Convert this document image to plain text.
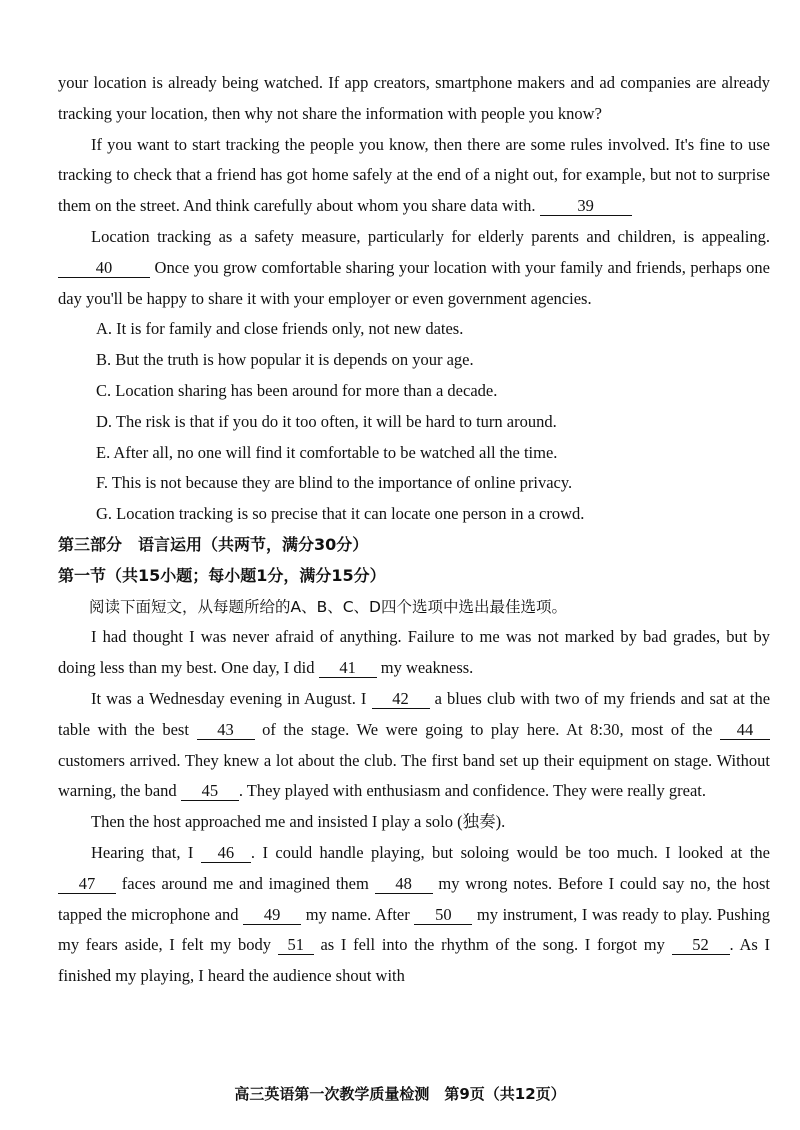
your location is already being watched. If app creators, smartphone makers and ad companies are already tracking your location, then why not share the information with people you know?

If you want to start tracking the people you know, then there are some rules involved. It's fine to use tracking to check that a friend has got home safely at the end of a night out, for example, but not to surprise them on the street. And think carefully about whom you share data with.	39

Location tracking as a safety measure, particularly for elderly parents and children, is appealing. 40	Once you grow comfortable sharing your location with your family and friends, perhaps one day you'll be happy to share it with your employer or even government agencies.

A. It is for family and close friends only, not new dates.
B. But the truth is how popular it is depends on your age.
C. Location sharing has been around for more than a decade.
D. The risk is that if you do it too often, it will be hard to turn around.
E. After all, no one will find it comfortable to be watched all the time.
F. This is not because they are blind to the importance of online privacy.
G. Location tracking is so precise that it can locate one person in a crowd.
第三部分　语言运用（共两节，满分30分）
第一节（共15小题；每小题1分，满分15分）

阅读下面短文，从每题所给的A、B、C、D四个选项中选出最佳选项。

I had thought I was never afraid of anything. Failure to me was not marked by bad grades, but by doing less than my best. One day, I did 41 my weakness.

It was a Wednesday evening in August. I 42 a blues club with two of my friends and sat at the table with the best 43 of the stage. We were going to play here. At 8:30, most of the 44 customers arrived. They knew a lot about the club. The first band set up their equipment on stage. Without warning, the band 45 . They played with enthusiasm and confidence. They were really great.

Then the host approached me and insisted I play a solo (独奏).

Hearing that, I 46 . I could handle playing, but soloing would be too much. I looked at the 47 faces around me and imagined them 48 my wrong notes. Before I could say no, the host tapped the microphone and 49 my name. After 50 my instrument, I was ready to play. Pushing my fears aside, I felt my body 51 as I fell into the rhythm of the song. I forgot my 52 . As I finished my playing, I heard the audience shout with

高三英语第一次教学质量检测　第9页（共12页）
